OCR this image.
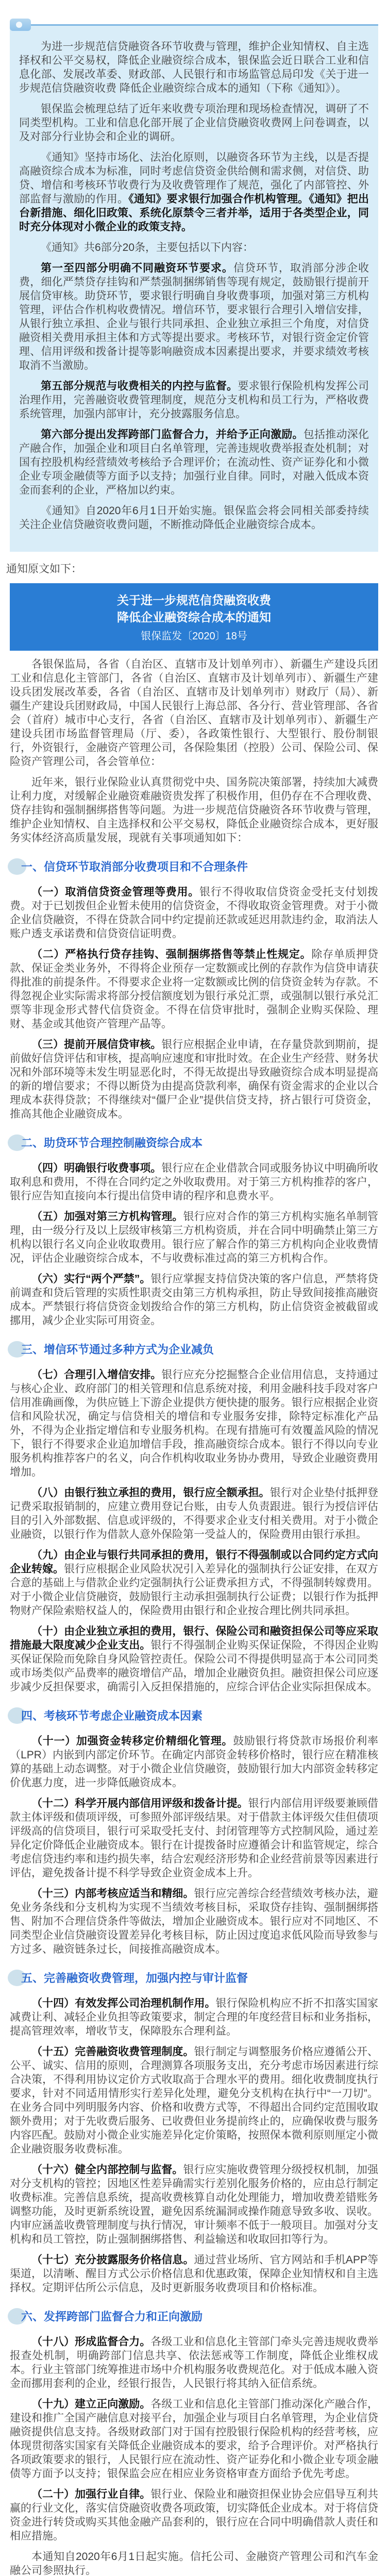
为进一步规范信贷融资各环节收费与管理，维护企业知情权、自主选择权和公平交易权，降低企业融资综合成本，银保监会近日联合工业和信息化部、发展改革委、财政部、人民银行和市场监管总局印发《关于进一步规范信贷融资收费 降低企业融资综合成本的通知（下称《通知》）。
银保监会梳理总结了近年来收费专项治理和现场检查情况，调研了不同类型机构。工业和信息化部开展了企业信贷融资收费网上问卷调查，以及对部分行业协会和企业的调研。
《通知》坚持市场化、法治化原则，以融资各环节为主线，以是否提高融资综合成本为标准，同时考虑信贷资金供给侧和需求侧，对信贷、助贷、增信和考核环节收费行为及收费管理作了规范，强化了内部管控、外部监督与激励的作用。《通知》要求银行加强合作机构管理。《通知》把出台新措施、细化旧政策、系统化原禁令三者并举，适用于各类型企业，同时充分体现对小微企业的政策支持。
《通知》共6部分20条，主要包括以下内容：
第一至四部分明确不同融资环节要求。信贷环节，取消部分涉企收费，细化严禁贷存挂钩和严禁强制捆绑销售等现有规定，鼓励银行提前开展信贷审核。助贷环节，要求银行明确自身收费事项，加强对第三方机构管理，评估合作机构收费情况。增信环节，要求银行合理引入增信安排，从银行独立承担、企业与银行共同承担、企业独立承担三个角度，对信贷融资相关费用承担主体和方式等提出要求。考核环节，对银行资金定价管理、信用评级和拨备计提等影响融资成本因素提出要求，并要求绩效考核取消不当激励。
第五部分规范与收费相关的内控与监督。要求银行保险机构发挥公司治理作用，完善融资收费管理制度，规范分支机构和员工行为，严格收费系统管理，加强内部审计，充分披露服务信息。
第六部分提出发挥跨部门监督合力，并给予正向激励。包括推动深化产融合作，加强企业和项目白名单管理，完善违规收费举报查处机制；对国有控股机构经营绩效考核给予合理评价；在流动性、资产证券化和小微企业专项金融债等方面予以支持；加强行业自律。同时，对融入低成本资金而套利的企业，严格加以约束。
《通知》自2020年6月1日开始实施。银保监会将会同相关部委持续关注企业信贷融资收费问题，不断推动降低企业融资综合成本。
通知原文如下：
关于进一步规范信贷融资收费
降低企业融资综合成本的通知
银保监发〔2020〕18号
各银保监局，各省（自治区、直辖市及计划单列市）、新疆生产建设兵团工业和信息化主管部门，各省（自治区、直辖市及计划单列市）、新疆生产建设兵团发展改革委，各省（自治区、直辖市及计划单列市）财政厅（局）、新疆生产建设兵团财政局，中国人民银行上海总部、各分行、营业管理部、各省会（首府）城市中心支行，各省（自治区、直辖市及计划单列市）、新疆生产建设兵团市场监督管理局（厅、委），各政策性银行、大型银行、股份制银行，外资银行，金融资产管理公司，各保险集团（控股）公司、保险公司、保险资产管理公司，各会管单位：
近年来，银行业保险业认真贯彻党中央、国务院决策部署，持续加大减费让利力度，对缓解企业融资难融资贵发挥了积极作用，但仍存在不合理收费、贷存挂钩和强制捆绑搭售等问题。为进一步规范信贷融资各环节收费与管理，维护企业知情权、自主选择权和公平交易权，降低企业融资综合成本，更好服务实体经济高质量发展，现就有关事项通知如下：
一、信贷环节取消部分收费项目和不合理条件
（一）取消信贷资金管理等费用。银行不得收取信贷资金受托支付划拨费。对于已划拨但企业暂未使用的信贷资金，不得收取资金管理费。对于小微企业信贷融资，不得在贷款合同中约定提前还款或延迟用款违约金，取消法人账户透支承诺费和信贷资信证明费。
（二）严格执行贷存挂钩、强制捆绑搭售等禁止性规定。除存单质押贷款、保证金类业务外，不得将企业预存一定数额或比例的存款作为信贷申请获得批准的前提条件。不得要求企业将一定数额或比例的信贷资金转为存款。不得忽视企业实际需求将部分授信额度划为银行承兑汇票，或强制以银行承兑汇票等非现金形式替代信贷资金。不得在信贷审批时，强制企业购买保险、理财、基金或其他资产管理产品等。
（三）提前开展信贷审核。银行应根据企业申请，在存量贷款到期前，提前做好信贷评估和审核，提高响应速度和审批时效。在企业生产经营、财务状况和外部环境等未发生明显恶化时，不得无故提出导致融资综合成本明显提高的新的增信要求；不得以断贷为由提高贷款利率，确保有资金需求的企业以合理成本获得贷款；不得继续对“僵尸企业”提供信贷支持，挤占银行可贷资金，推高其他企业融资成本。
二、助贷环节合理控制融资综合成本
（四）明确银行收费事项。银行应在企业借款合同或服务协议中明确所收取利息和费用，不得在合同约定之外收取费用。对于第三方机构推荐的客户，银行应告知直接向本行提出信贷申请的程序和息费水平。
（五）加强对第三方机构管理。银行应对合作的第三方机构实施名单制管理，由一级分行及以上层级审核第三方机构资质，并在合同中明确禁止第三方机构以银行名义向企业收取费用。银行应了解合作的第三方机构向企业收费情况，评估企业融资综合成本，不与收费标准过高的第三方机构合作。
（六）实行“两个严禁”。银行应掌握支持信贷决策的客户信息，严禁将贷前调查和贷后管理的实质性职责交由第三方机构承担，防止导致间接推高融资成本。严禁银行将信贷资金划拨给合作的第三方机构，防止信贷资金被截留或挪用，减少企业实际可用资金。
三、增信环节通过多种方式为企业减负
（七）合理引入增信安排。银行应充分挖掘整合企业信用信息，支持通过与核心企业、政府部门的相关管理和信息系统对接，利用金融科技手段对客户信用准确画像，为供应链上下游企业提供方便快捷的服务。银行应根据企业资信和风险状况，确定与信贷相关的增信和专业服务安排，除特定标准化产品外，不得为企业指定增信和专业服务机构。在现有措施可有效覆盖风险的情况下，银行不得要求企业追加增信手段，推高融资综合成本。银行不得以向专业服务机构推荐客户的名义，向合作机构收取业务协办费用，导致企业融资费用增加。
（八）由银行独立承担的费用，银行应全额承担。银行对企业垫付抵押登记费采取报销制的，应建立费用登记台账，由专人负责跟进。银行为授信评估目的引入外部数据、信息或评级的，不得要求企业支付相关费用。对于小微企业融资，以银行作为借款人意外保险第一受益人的，保险费用由银行承担。
（九）由企业与银行共同承担的费用，银行不得强制或以合同约定方式向企业转嫁。银行应根据企业风险状况引入差异化的强制执行公证安排，在双方合意的基础上与借款企业约定强制执行公证费承担方式，不得强制转嫁费用。对于小微企业信贷融资，鼓励银行主动承担强制执行公证费；以银行作为抵押物财产保险索赔权益人的，保险费用由银行和企业按合理比例共同承担。
（十）由企业独立承担的费用，银行、保险公司和融资担保公司等应采取措施最大限度减少企业支出。银行不得强制企业购买保证保险，不得因企业购买保证保险而免除自身风险管控责任。保险公司不得提供明显高于本公司同类或市场类似产品费率的融资增信产品，增加企业融资负担。融资担保公司应逐步减少反担保要求，确需引入反担保措施的，应综合评估企业实际担保成本。
四、考核环节考虑企业融资成本因素
（十一）加强资金转移定价精细化管理。鼓励银行将贷款市场报价利率（LPR）内嵌到内部定价环节。在确定内部资金转移价格时，银行应在精准核算的基础上动态调整。对于小微企业信贷融资，鼓励银行加大内部资金转移定价优惠力度，进一步降低融资成本。
（十二）科学开展内部信用评级和拨备计提。银行内部信用评级要兼顾借款主体评级和债项评级，可参照外部评级结果。对于借款主体评级欠佳但债项评级高的信贷项目，银行可采取受托支付、封闭管理等方式控制风险，通过差异化定价降低企业融资成本。银行在计提拨备时应遵循会计和监管规定，综合考虑信贷违约率和违约损失率，结合宏观经济形势和企业经营前景等因素进行评估，避免拨备计提不科学导致企业资金成本上升。
（十三）内部考核应适当和精细。银行应完善综合经营绩效考核办法，避免业务条线和分支机构为实现不当绩效考核目标，采取贷存挂钩、强制捆绑搭售、附加不合理信贷条件等做法，增加企业融资成本。银行应对不同地区、不同类型企业信贷融资设置差异化考核目标，防止因过度追求低风险而导致参与方过多、融资链条过长，间接推高融资成本。
五、完善融资收费管理，加强内控与审计监督
（十四）有效发挥公司治理机制作用。银行保险机构应不折不扣落实国家减费让利、减轻企业负担等政策要求，制定合理的年度经营目标和业务指标，提高管理效率，增收节支，保障股东合理利益。
（十五）完善融资收费管理制度。银行制定与调整服务价格应遵循公开、公平、诚实、信用的原则，合理测算各项服务支出，充分考虑市场因素进行综合决策，不得利用协议定价方式收取高于合理水平的费用。细化收费制度执行要求，针对不同适用情形实行差异化处理，避免分支机构在执行中“一刀切”。在业务合同中列明服务内容、价格和收费方式等，不得超出合同约定范围收取额外费用；对于先收费后服务、已收费但业务提前终止的，应确保收费与服务内容匹配。鼓励对小微企业实施差异化定价策略，按照保本微利原则厘定小微企业融资服务收费标准。
（十六）健全内部控制与监督。银行应实施收费管理分级授权机制，加强对分支机构的管控；因地区性差异确需实行差别化服务价格的，应由总行制定收费标准。完善信息系统，提高收费核算自动化处理能力，增加收费差错账务调整功能，及时更新系统设置，避免因系统漏洞或操作随意导致多收、误收。内审应涵盖收费管理制度与执行情况，审计频率不低于一般项目。加强对分支机构和员工管控，防止强制捆绑搭售、利益输送和收取回扣等行为。
（十七）充分披露服务价格信息。通过营业场所、官方网站和手机APP等渠道，以清晰、醒目方式公示价格信息和优惠政策，保障企业知情权和自主选择权。定期评估所公示信息，及时更新服务收费项目和价格标准。
六、发挥跨部门监督合力和正向激励
（十八）形成监督合力。各级工业和信息化主管部门牵头完善违规收费举报查处机制，明确跨部门信息共享、依法惩戒等工作制度，降低企业维权成本。行业主管部门统筹推进市场中介机构服务收费规范化。对于低成本融入资金而挪用套利的企业，经银行报告，人民银行将其纳入征信系统。
（十九）建立正向激励。各级工业和信息化主管部门推动深化产融合作，建设和推广全国产融信息对接平台，加强企业与项目白名单管理，为企业信贷融资提供信息支持。各级财政部门对于国有控股银行保险机构的经营考核，应体现贯彻落实国家有关降低企业融资成本的要求，给予合理评价。对严格执行各项政策要求的银行，人民银行应在流动性、资产证券化和小微企业专项金融债等方面予以支持；银保监会应在相应业务资格审查方面给予优先考虑。
（二十）加强行业自律。银行业、保险业和融资担保业协会应倡导互利共赢的行业文化，落实信贷融资收费各项政策，切实降低企业成本。对于将信贷资金进行转贷或购买其他金融产品套利的，银行应在合同中明确借款人责任和相应措施。
本通知自2020年6月1日起实施。信托公司、金融资产管理公司和汽车金融公司参照执行。
